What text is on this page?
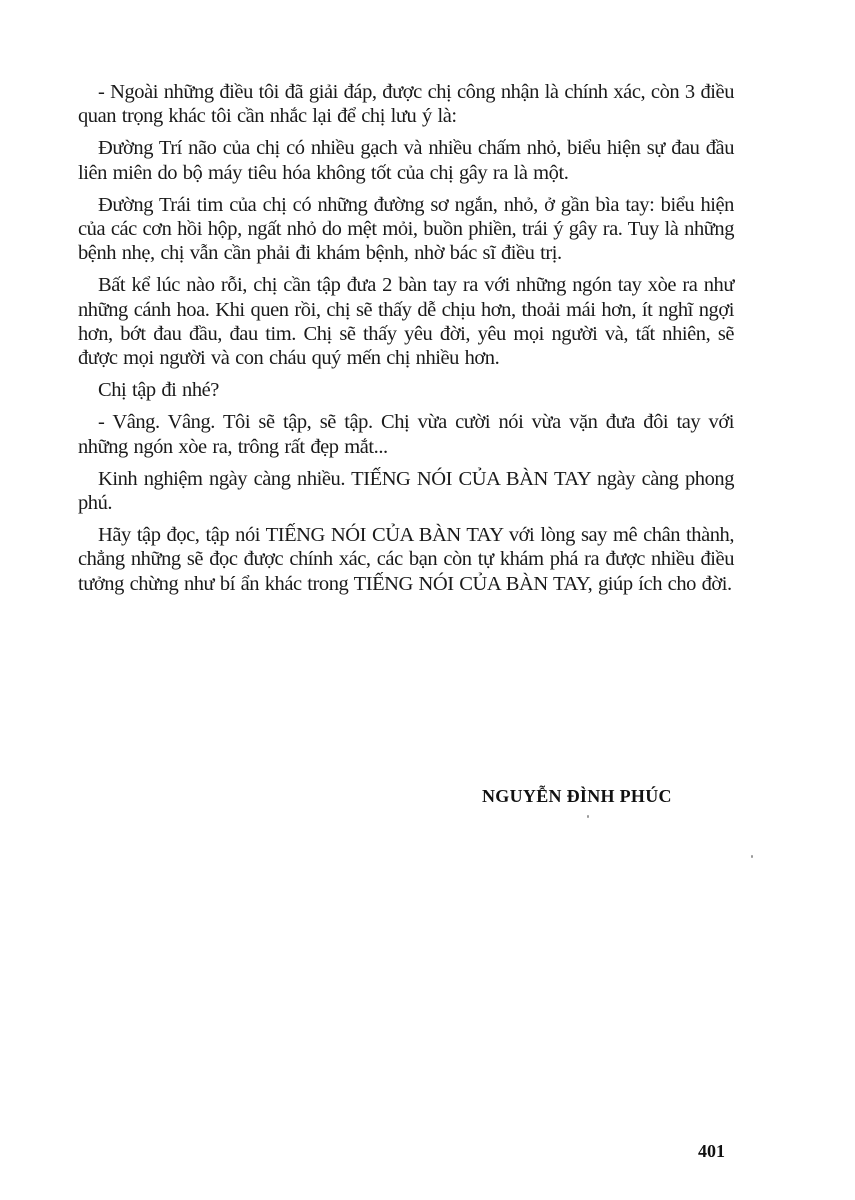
- Ngoài những điều tôi đã giải đáp, được chị công nhận là chính xác, còn 3 điều quan trọng khác tôi cần nhắc lại để chị lưu ý là:

Đường Trí não của chị có nhiều gạch và nhiều chấm nhỏ, biểu hiện sự đau đầu liên miên do bộ máy tiêu hóa không tốt của chị gây ra là một.

Đường Trái tim của chị có những đường sơ ngắn, nhỏ, ở gần bìa tay: biểu hiện của các cơn hồi hộp, ngất nhỏ do mệt mỏi, buồn phiền, trái ý gây ra. Tuy là những bệnh nhẹ, chị vẫn cần phải đi khám bệnh, nhờ bác sĩ điều trị.

Bất kể lúc nào rỗi, chị cần tập đưa 2 bàn tay ra với những ngón tay xòe ra như những cánh hoa. Khi quen rồi, chị sẽ thấy dễ chịu hơn, thoải mái hơn, ít nghĩ ngợi hơn, bớt đau đầu, đau tim. Chị sẽ thấy yêu đời, yêu mọi người và, tất nhiên, sẽ được mọi người và con cháu quý mến chị nhiều hơn.

Chị tập đi nhé?

- Vâng. Vâng. Tôi sẽ tập, sẽ tập. Chị vừa cười nói vừa vặn đưa đôi tay với những ngón xòe ra, trông rất đẹp mắt...

Kinh nghiệm ngày càng nhiều. TIẾNG NÓI CỦA BÀN TAY ngày càng phong phú.

Hãy tập đọc, tập nói TIẾNG NÓI CỦA BÀN TAY với lòng say mê chân thành, chẳng những sẽ đọc được chính xác, các bạn còn tự khám phá ra được nhiều điều tưởng chừng như bí ẩn khác trong TIẾNG NÓI CỦA BÀN TAY, giúp ích cho đời.

NGUYỄN ĐÌNH PHÚC
401
